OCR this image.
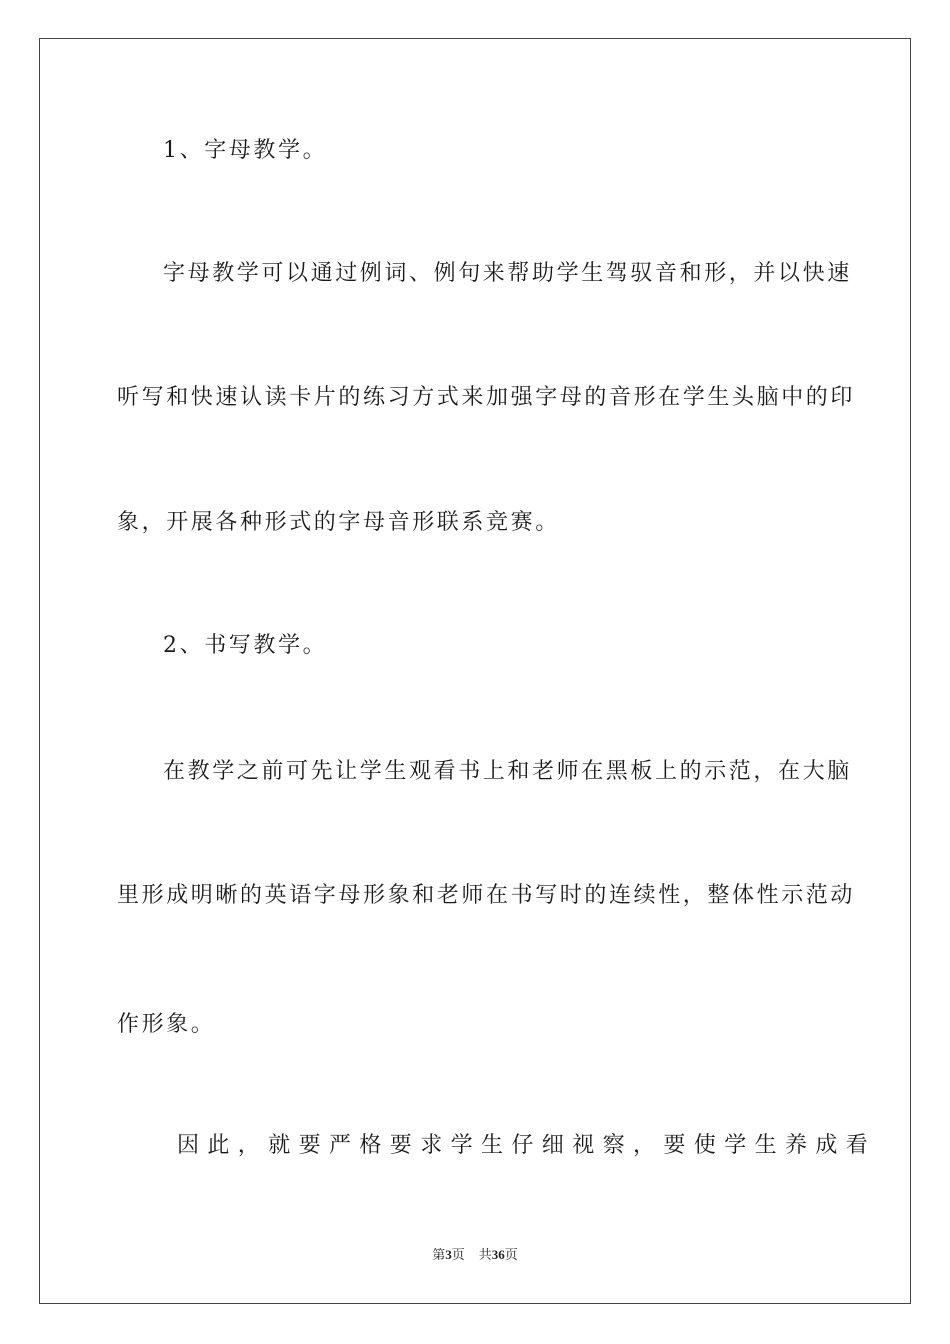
1、字母教学。
字母教学可以通过例词、例句来帮助学生驾驭音和形，并以快速
听写和快速认读卡片的练习方式来加强字母的音形在学生头脑中的印
象，开展各种形式的字母音形联系竞赛。
2、书写教学。
在教学之前可先让学生观看书上和老师在黑板上的示范，在大脑
里形成明晰的英语字母形象和老师在书写时的连续性，整体性示范动
作形象。
因此，就要严格要求学生仔细视察，要使学生养成看
第3页 共36页
